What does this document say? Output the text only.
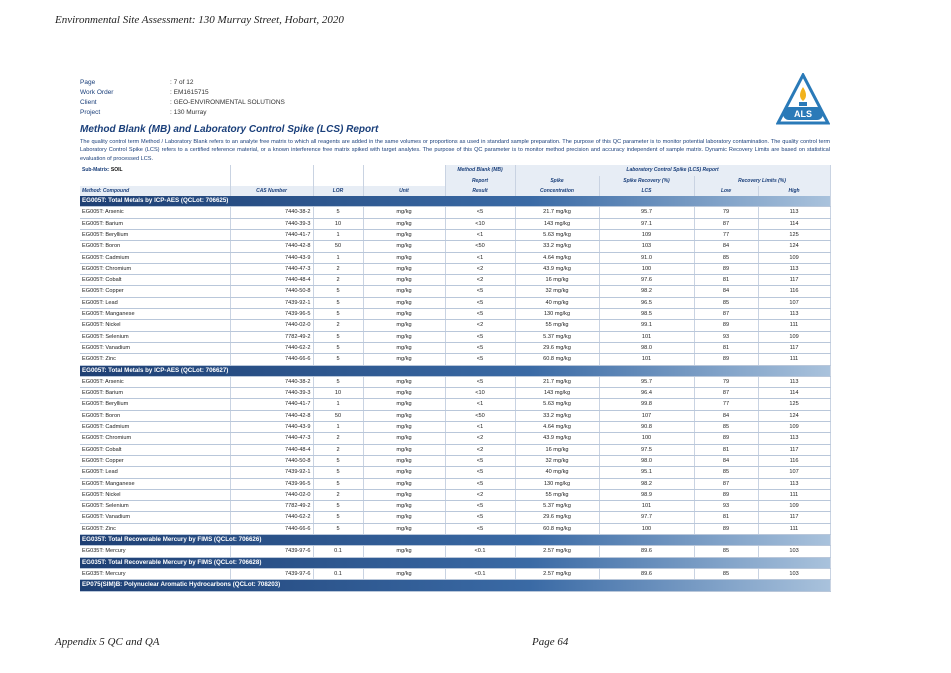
Environmental Site Assessment: 130 Murray Street, Hobart, 2020
Page	: 7 of 12
Work Order	: EM1615715
Client	: GEO-ENVIRONMENTAL SOLUTIONS
Project	: 130 Murray	ALS
Method Blank (MB) and Laboratory Control Spike (LCS) Report
The quality control term Method / Laboratory Blank refers to an analyte free matrix to which all reagents are added in the same volumes or proportions as used in standard sample preparation. The purpose of this QC parameter is to monitor potential laboratory contamination. The quality control term Laboratory Control Spike (LCS) refers to a certified reference material, or a known interference free matrix spiked with target analytes. The purpose of this QC parameter is to monitor method precision and accuracy independent of sample matrix. Dynamic Recovery Limits are based on statistical evaluation of processed LCS.
Sub-Matrix: SOIL				Method Blank (MB)	Laboratory Control Spike (LCS) Report			
				Report	Spike	Spike Recovery (%)	Recovery Limits (%)	
Method: Compound	CAS Number	LOR	Unit	Result	Concentration	LCS	Low	High
EG005T: Total Metals by ICP-AES (QCLot: 706625)								
EG005T: Arsenic	7440-38-2	5	mg/kg	<5	21.7 mg/kg	95.7	79	113
EG005T: Barium	7440-39-3	10	mg/kg	<10	143 mg/kg	97.1	87	114
EG005T: Beryllium	7440-41-7	1	mg/kg	<1	5.63 mg/kg	109	77	125
EG005T: Boron	7440-42-8	50	mg/kg	<50	33.2 mg/kg	103	84	124
EG005T: Cadmium	7440-43-9	1	mg/kg	<1	4.64 mg/kg	91.0	85	109
EG005T: Chromium	7440-47-3	2	mg/kg	<2	43.9 mg/kg	100	89	113
EG005T: Cobalt	7440-48-4	2	mg/kg	<2	16 mg/kg	97.6	81	117
EG005T: Copper	7440-50-8	5	mg/kg	<5	32 mg/kg	98.2	84	116
EG005T: Lead	7439-92-1	5	mg/kg	<5	40 mg/kg	96.5	85	107
EG005T: Manganese	7439-96-5	5	mg/kg	<5	130 mg/kg	98.5	87	113
EG005T: Nickel	7440-02-0	2	mg/kg	<2	55 mg/kg	99.1	89	111
EG005T: Selenium	7782-49-2	5	mg/kg	<5	5.37 mg/kg	101	93	109
EG005T: Vanadium	7440-62-2	5	mg/kg	<5	29.6 mg/kg	98.0	81	117
EG005T: Zinc	7440-66-6	5	mg/kg	<5	60.8 mg/kg	101	89	111
EG005T: Total Metals by ICP-AES (QCLot: 706627)								
EG005T: Arsenic	7440-38-2	5	mg/kg	<5	21.7 mg/kg	95.7	79	113
EG005T: Barium	7440-39-3	10	mg/kg	<10	143 mg/kg	96.4	87	114
EG005T: Beryllium	7440-41-7	1	mg/kg	<1	5.63 mg/kg	99.8	77	125
EG005T: Boron	7440-42-8	50	mg/kg	<50	33.2 mg/kg	107	84	124
EG005T: Cadmium	7440-43-9	1	mg/kg	<1	4.64 mg/kg	90.8	85	109
EG005T: Chromium	7440-47-3	2	mg/kg	<2	43.9 mg/kg	100	89	113
EG005T: Cobalt	7440-48-4	2	mg/kg	<2	16 mg/kg	97.5	81	117
EG005T: Copper	7440-50-8	5	mg/kg	<5	32 mg/kg	98.0	84	116
EG005T: Lead	7439-92-1	5	mg/kg	<5	40 mg/kg	95.1	85	107
EG005T: Manganese	7439-96-5	5	mg/kg	<5	130 mg/kg	98.2	87	113
EG005T: Nickel	7440-02-0	2	mg/kg	<2	55 mg/kg	98.9	89	111
EG005T: Selenium	7782-49-2	5	mg/kg	<5	5.37 mg/kg	101	93	109
EG005T: Vanadium	7440-62-2	5	mg/kg	<5	29.6 mg/kg	97.7	81	117
EG005T: Zinc	7440-66-6	5	mg/kg	<5	60.8 mg/kg	100	89	111
EG035T: Total Recoverable Mercury by FIMS (QCLot: 706626)								
EG035T: Mercury	7439-97-6	0.1	mg/kg	<0.1	2.57 mg/kg	89.6	85	103
EG035T: Total Recoverable Mercury by FIMS (QCLot: 706628)								
EG035T: Mercury	7439-97-6	0.1	mg/kg	<0.1	2.57 mg/kg	89.6	85	103
EP075(SIM)B: Polynuclear Aromatic Hydrocarbons (QCLot: 708203)								
Appendix 5 QC and QA	Page 64
